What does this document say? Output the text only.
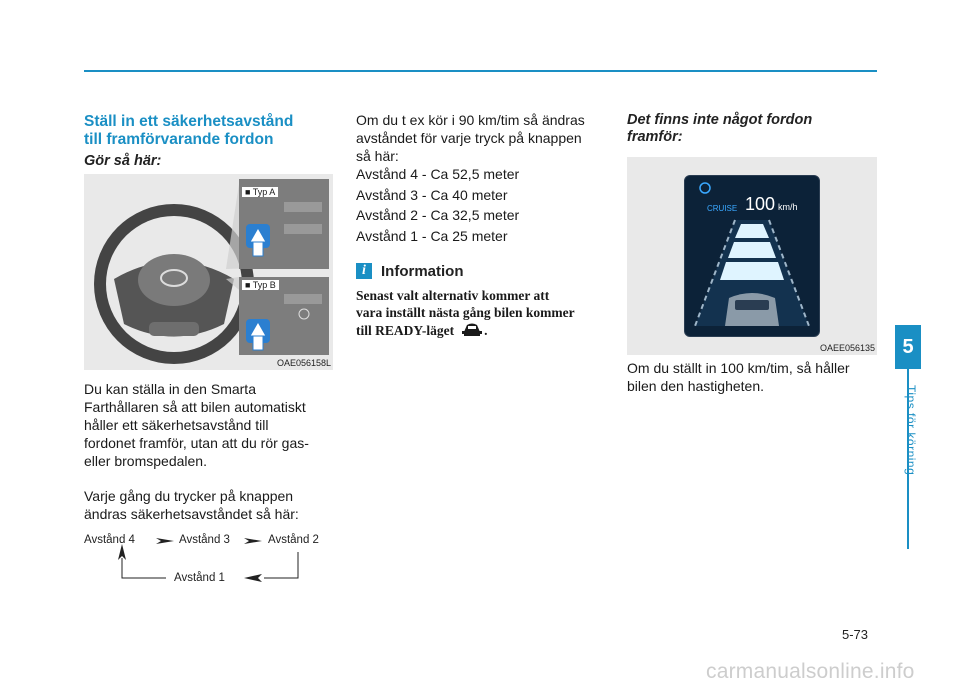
Ställ in ett säkerhetsavstånd
till framförvarande fordon
Gör så här:
■ Typ A
■ Typ B
OAE056158L
Du kan ställa in den Smarta
Farthållaren så att bilen automatiskt
håller ett säkerhetsavstånd till
fordonet framför, utan att du rör gas-
eller bromspedalen.
Varje gång du trycker på knappen
ändras säkerhetsavståndet så här:
Avstånd 4	Avstånd 3	Avstånd 2
Avstånd 1
Om du t ex kör i 90 km/tim så ändras
avståndet för varje tryck på knappen
så här:
Avstånd 4 - Ca 52,5 meter
Avstånd 3 - Ca 40 meter
Avstånd 2 - Ca 32,5 meter
Avstånd 1 - Ca 25 meter
i	Information
Senast valt alternativ kommer att
vara inställt nästa gång bilen kommer
till READY-läget .
Det finns inte något fordon
framför:
CRUISE 100 km/h
OAEE056135
Om du ställt in 100 km/tim, så håller
bilen den hastigheten.
5
Tips för körning
5-73
carmanualsonline.info
